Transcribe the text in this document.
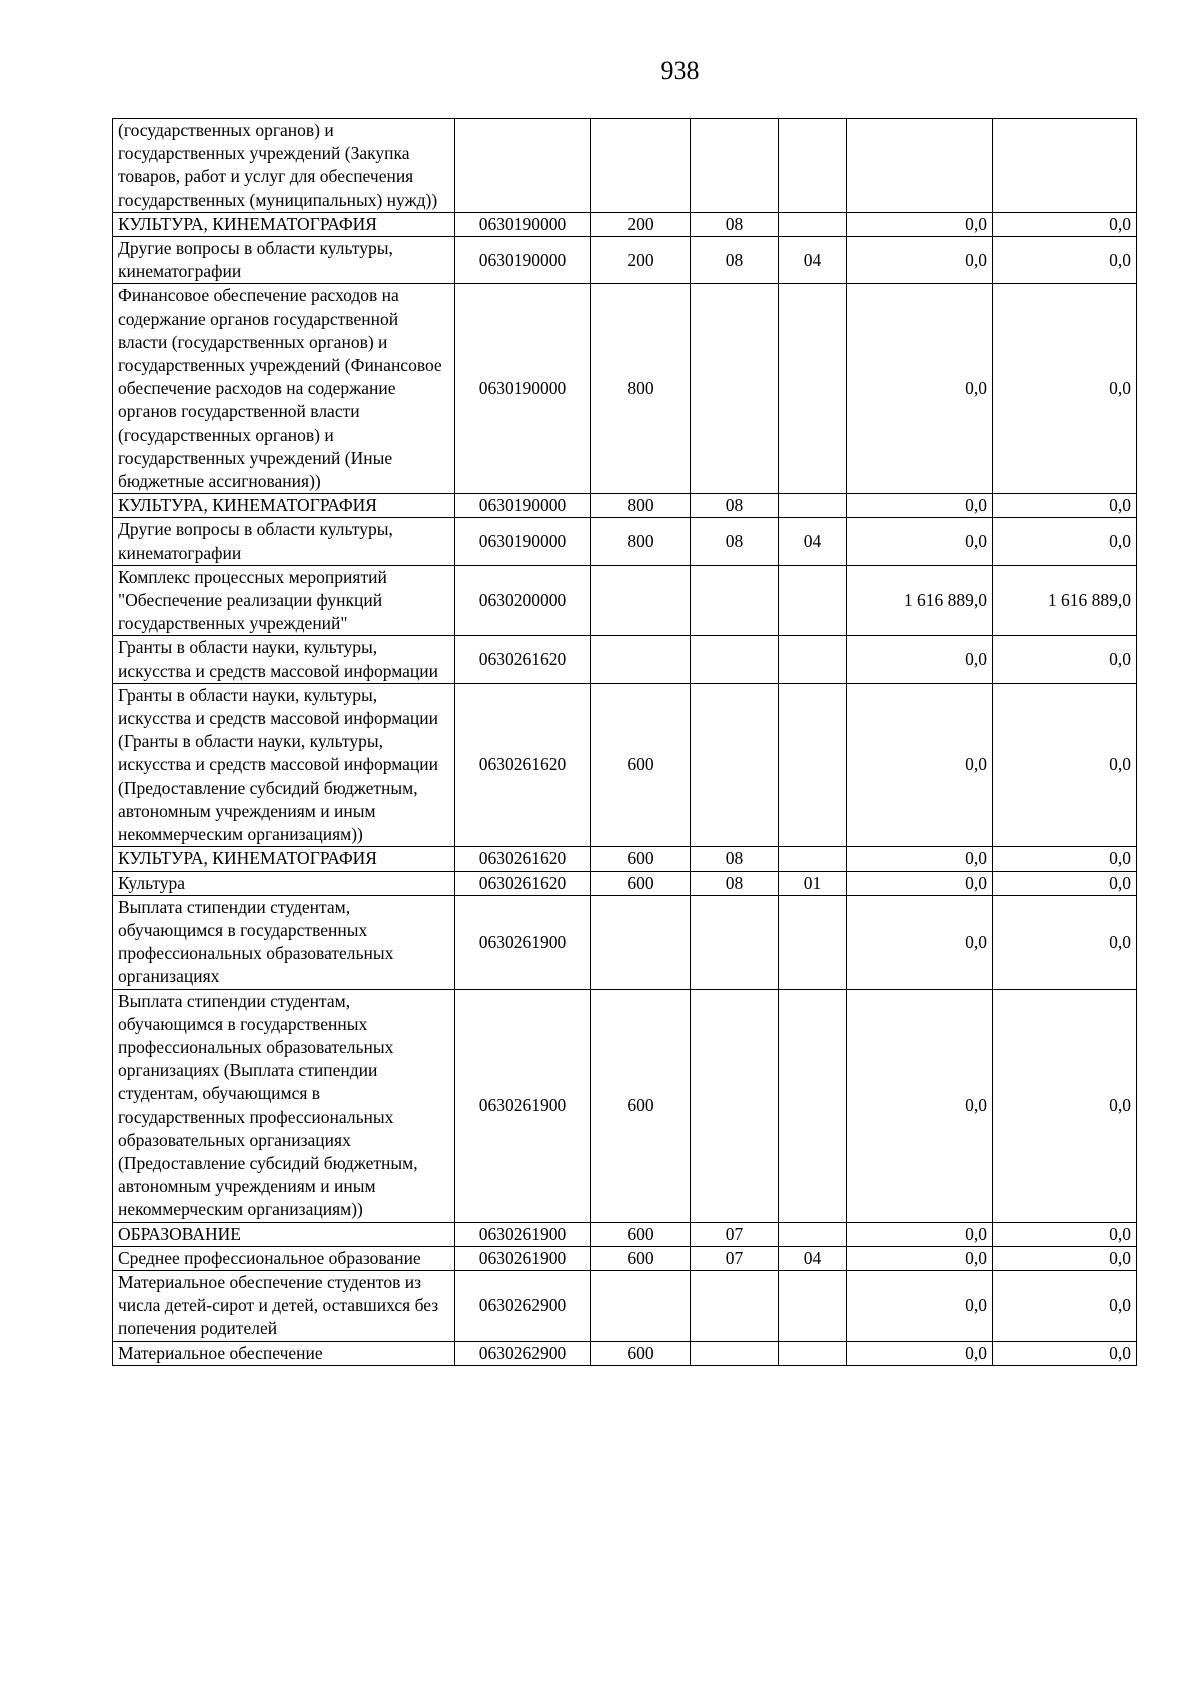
938
(государственных органов) и государственных учреждений (Закупка товаров, работ и услуг для обеспечения государственных (муниципальных) нужд))						
КУЛЬТУРА, КИНЕМАТОГРАФИЯ	0630190000	200	08		0,0	0,0
Другие вопросы в области культуры, кинематографии	0630190000	200	08	04	0,0	0,0
Финансовое обеспечение расходов на содержание органов государственной власти (государственных органов) и государственных учреждений (Финансовое обеспечение расходов на содержание органов государственной власти (государственных органов) и государственных учреждений (Иные бюджетные ассигнования))	0630190000	800			0,0	0,0
КУЛЬТУРА, КИНЕМАТОГРАФИЯ	0630190000	800	08		0,0	0,0
Другие вопросы в области культуры, кинематографии	0630190000	800	08	04	0,0	0,0
Комплекс процессных мероприятий "Обеспечение реализации функций государственных учреждений"	0630200000				1 616 889,0	1 616 889,0
Гранты в области науки, культуры, искусства и средств массовой информации	0630261620				0,0	0,0
Гранты в области науки, культуры, искусства и средств массовой информации (Гранты в области науки, культуры, искусства и средств массовой информации (Предоставление субсидий бюджетным, автономным учреждениям и иным некоммерческим организациям))	0630261620	600			0,0	0,0
КУЛЬТУРА, КИНЕМАТОГРАФИЯ	0630261620	600	08		0,0	0,0
Культура	0630261620	600	08	01	0,0	0,0
Выплата стипендии студентам, обучающимся в государственных профессиональных образовательных организациях	0630261900				0,0	0,0
Выплата стипендии студентам, обучающимся в государственных профессиональных образовательных организациях (Выплата стипендии студентам, обучающимся в государственных профессиональных образовательных организациях (Предоставление субсидий бюджетным, автономным учреждениям и иным некоммерческим организациям))	0630261900	600			0,0	0,0
ОБРАЗОВАНИЕ	0630261900	600	07		0,0	0,0
Среднее профессиональное образование	0630261900	600	07	04	0,0	0,0
Материальное обеспечение студентов из числа детей-сирот и детей, оставшихся без попечения родителей	0630262900				0,0	0,0
Материальное обеспечение	0630262900	600			0,0	0,0
